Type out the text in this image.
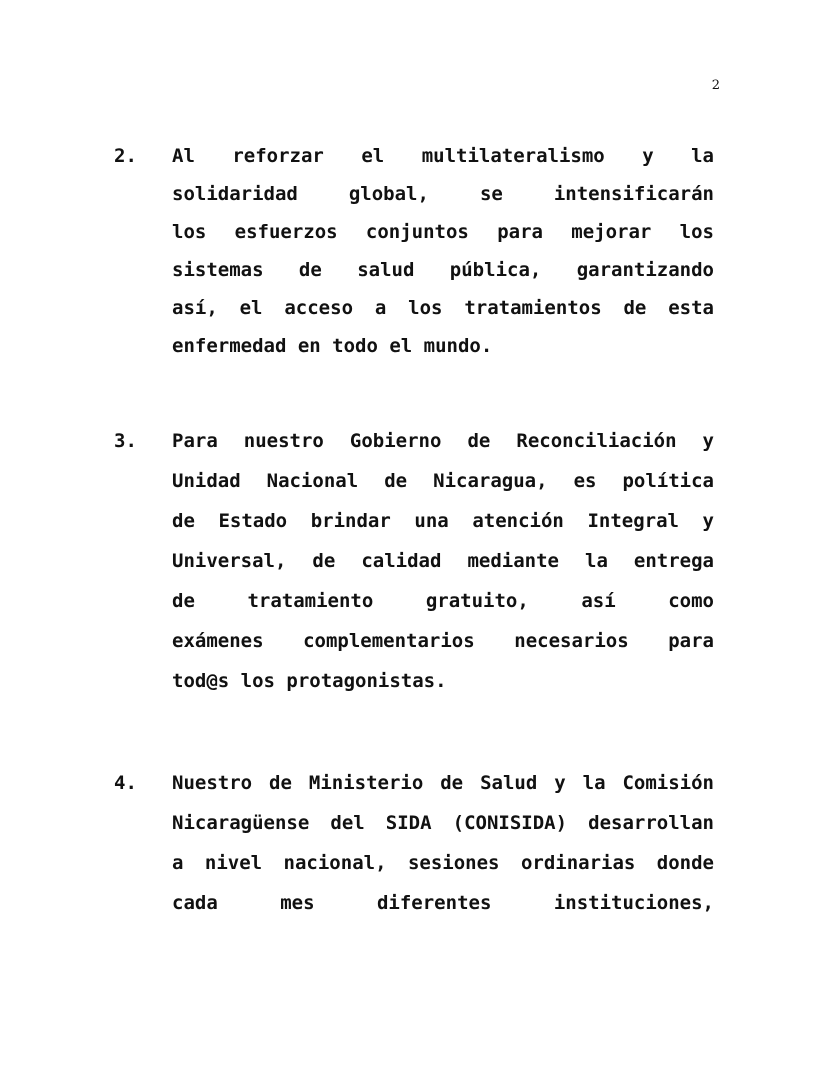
2
2. Al reforzar el multilateralismo y la
solidaridad global, se intensificarán
los esfuerzos conjuntos para mejorar los
sistemas de salud pública, garantizando
así, el acceso a los tratamientos de esta
enfermedad en todo el mundo.
3. Para nuestro Gobierno de Reconciliación y
Unidad Nacional de Nicaragua, es política
de Estado brindar una atención Integral y
Universal, de calidad mediante la entrega
de tratamiento gratuito, así como
exámenes complementarios necesarios para
tod@s los protagonistas.
4. Nuestro de Ministerio de Salud y la Comisión
Nicaragüense del SIDA (CONISIDA) desarrollan
a nivel nacional, sesiones ordinarias donde
cada mes diferentes instituciones,
